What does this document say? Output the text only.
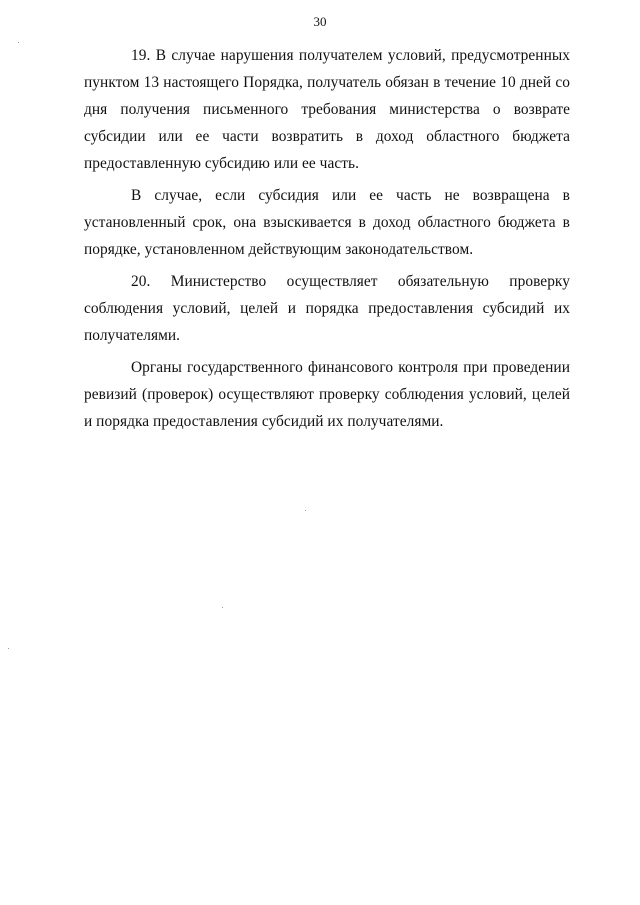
30

19. В случае нарушения получателем условий, предусмотренных пунктом 13 настоящего Порядка, получатель обязан в течение 10 дней со дня получения письменного требования министерства о возврате субсидии или ее части возвратить в доход областного бюджета предоставленную субсидию или ее часть.

В случае, если субсидия или ее часть не возвращена в установленный срок, она взыскивается в доход областного бюджета в порядке, установленном действующим законодательством.

20. Министерство осуществляет обязательную проверку соблюдения условий, целей и порядка предоставления субсидий их получателями.

Органы государственного финансового контроля при проведении ревизий (проверок) осуществляют проверку соблюдения условий, целей и порядка предоставления субсидий их получателями.
